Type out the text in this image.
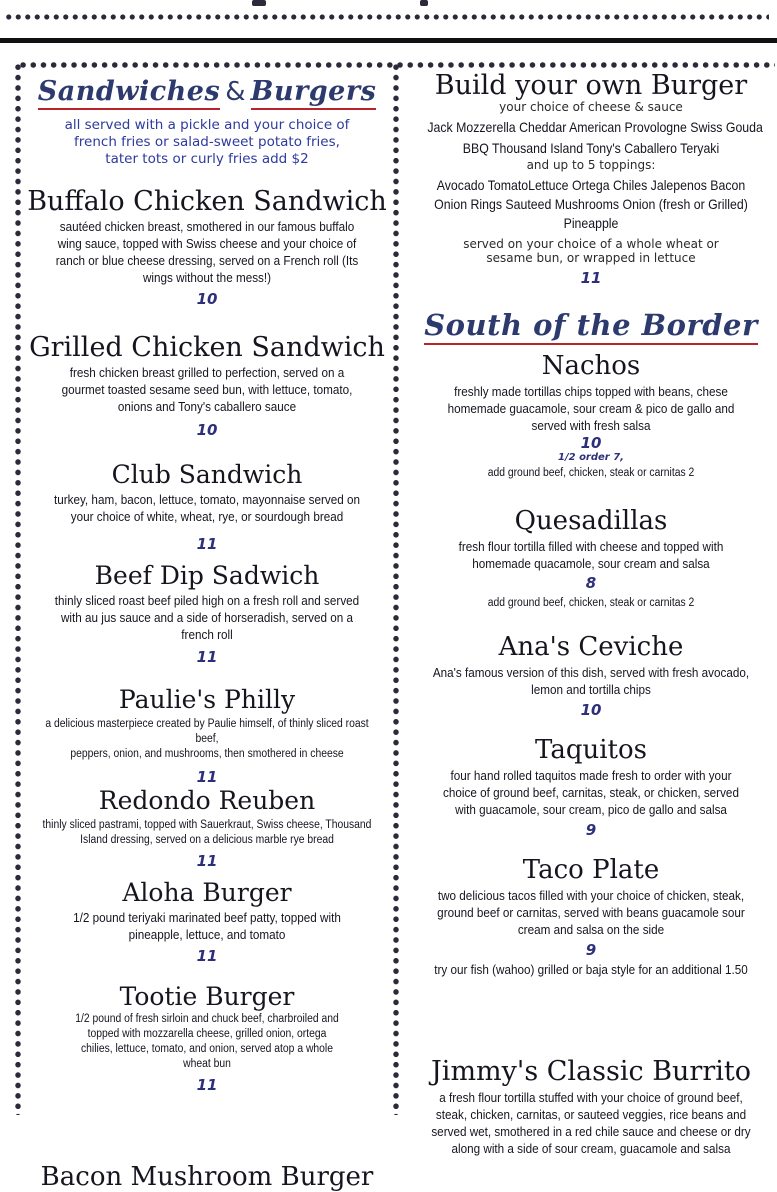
Sandwiches & Burgers
all served with a pickle and your choice of
french fries or salad-sweet potato fries,
tater tots or curly fries add $2
Buffalo Chicken Sandwich
sautéed chicken breast, smothered in our famous buffalo
wing sauce, topped with Swiss cheese and your choice of
ranch or blue cheese dressing, served on a French roll (Its
wings without the mess!)
10
Grilled Chicken Sandwich
fresh chicken breast grilled to perfection, served on a
gourmet toasted sesame seed bun, with lettuce, tomato,
onions and Tony's caballero sauce
10
Club Sandwich
turkey, ham, bacon, lettuce, tomato, mayonnaise served on
your choice of white, wheat, rye, or sourdough bread
11
Beef Dip Sadwich
thinly sliced roast beef piled high on a fresh roll and served
with au jus sauce and a side of horseradish, served on a
french roll
11
Paulie's Philly
a delicious masterpiece created by Paulie himself, of thinly sliced roast beef,
peppers, onion, and mushrooms, then smothered in cheese
11
Redondo Reuben
thinly sliced pastrami, topped with Sauerkraut, Swiss cheese, Thousand
Island dressing, served on a delicious marble rye bread
11
Aloha Burger
1/2 pound teriyaki marinated beef patty, topped with
pineapple, lettuce, and tomato
11
Tootie Burger
1/2 pound of fresh sirloin and chuck beef, charbroiled and
topped with mozzarella cheese, grilled onion, ortega
chilies, lettuce, tomato, and onion, served atop a whole
wheat bun
11
Bacon Mushroom Burger
Build your own Burger
your choice of cheese & sauce
Jack Mozzerella Cheddar American Provologne Swiss Gouda
BBQ Thousand Island Tony's Caballero Teryaki
and up to 5 toppings:
Avocado TomatoLettuce Ortega Chiles Jalepenos Bacon
Onion Rings Sauteed Mushrooms Onion (fresh or Grilled)
Pineapple
served on your choice of a whole wheat or
sesame bun, or wrapped in lettuce
11
South of the Border
Nachos
freshly made tortillas chips topped with beans, chese
homemade guacamole, sour cream & pico de gallo and
served with fresh salsa
10
1/2 order 7,
add ground beef, chicken, steak or carnitas 2
Quesadillas
fresh flour tortilla filled with cheese and topped with
homemade quacamole, sour cream and salsa
8
add ground beef, chicken, steak or carnitas 2
Ana's Ceviche
Ana's famous version of this dish, served with fresh avocado,
lemon and tortilla chips
10
Taquitos
four hand rolled taquitos made fresh to order with your
choice of ground beef, carnitas, steak, or chicken, served
with guacamole, sour cream, pico de gallo and salsa
9
Taco Plate
two delicious tacos filled with your choice of chicken, steak,
ground beef or carnitas, served with beans guacamole sour
cream and salsa on the side
9
try our fish (wahoo) grilled or baja style for an additional 1.50
Jimmy's Classic Burrito
a fresh flour tortilla stuffed with your choice of ground beef,
steak, chicken, carnitas, or sauteed veggies, rice beans and
served wet, smothered in a red chile sauce and cheese or dry
along with a side of sour cream, guacamole and salsa
